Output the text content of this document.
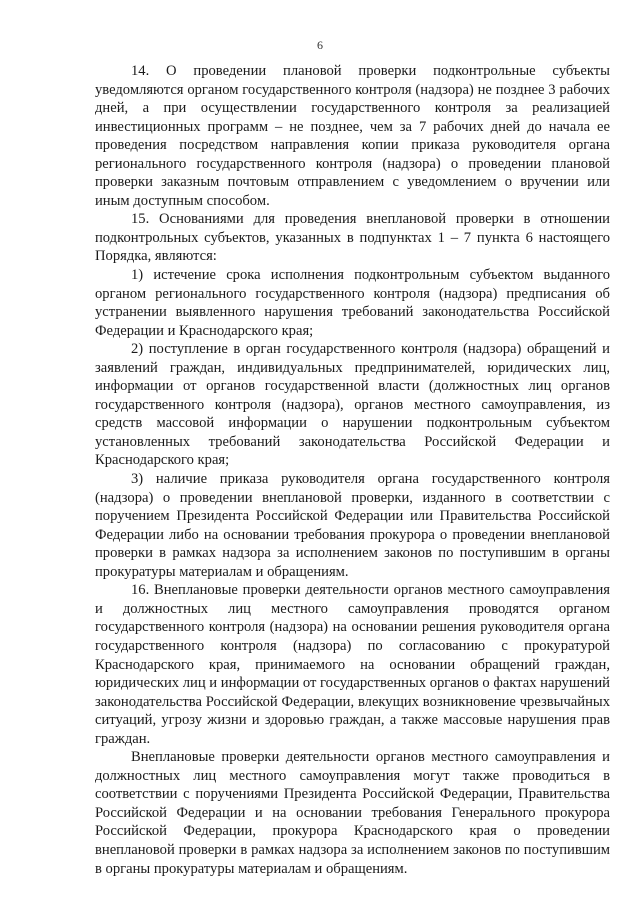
6

14. О проведении плановой проверки подконтрольные субъекты уведомляются органом государственного контроля (надзора) не позднее 3 рабочих дней, а при осуществлении государственного контроля за реализацией инвестиционных программ – не позднее, чем за 7 рабочих дней до начала ее проведения посредством направления копии приказа руководителя органа регионального государственного контроля (надзора) о проведении плановой проверки заказным почтовым отправлением с уведомлением о вручении или иным доступным способом.

15. Основаниями для проведения внеплановой проверки в отношении подконтрольных субъектов, указанных в подпунктах 1 – 7 пункта 6 настоящего Порядка, являются:

1) истечение срока исполнения подконтрольным субъектом выданного органом регионального государственного контроля (надзора) предписания об устранении выявленного нарушения требований законодательства Российской Федерации и Краснодарского края;

2) поступление в орган государственного контроля (надзора) обращений и заявлений граждан, индивидуальных предпринимателей, юридических лиц, информации от органов государственной власти (должностных лиц органов государственного контроля (надзора), органов местного самоуправления, из средств массовой информации о нарушении подконтрольным субъектом установленных требований законодательства Российской Федерации и Краснодарского края;

3) наличие приказа руководителя органа государственного контроля (надзора) о проведении внеплановой проверки, изданного в соответствии с поручением Президента Российской Федерации или Правительства Российской Федерации либо на основании требования прокурора о проведении внеплановой проверки в рамках надзора за исполнением законов по поступившим в органы прокуратуры материалам и обращениям.

16. Внеплановые проверки деятельности органов местного самоуправления и должностных лиц местного самоуправления проводятся органом государственного контроля (надзора) на основании решения руководителя органа государственного контроля (надзора) по согласованию с прокуратурой Краснодарского края, принимаемого на основании обращений граждан, юридических лиц и информации от государственных органов о фактах нарушений законодательства Российской Федерации, влекущих возникновение чрезвычайных ситуаций, угрозу жизни и здоровью граждан, а также массовые нарушения прав граждан.

Внеплановые проверки деятельности органов местного самоуправления и должностных лиц местного самоуправления могут также проводиться в соответствии с поручениями Президента Российской Федерации, Правительства Российской Федерации и на основании требования Генерального прокурора Российской Федерации, прокурора Краснодарского края о проведении внеплановой проверки в рамках надзора за исполнением законов по поступившим в органы прокуратуры материалам и обращениям.
